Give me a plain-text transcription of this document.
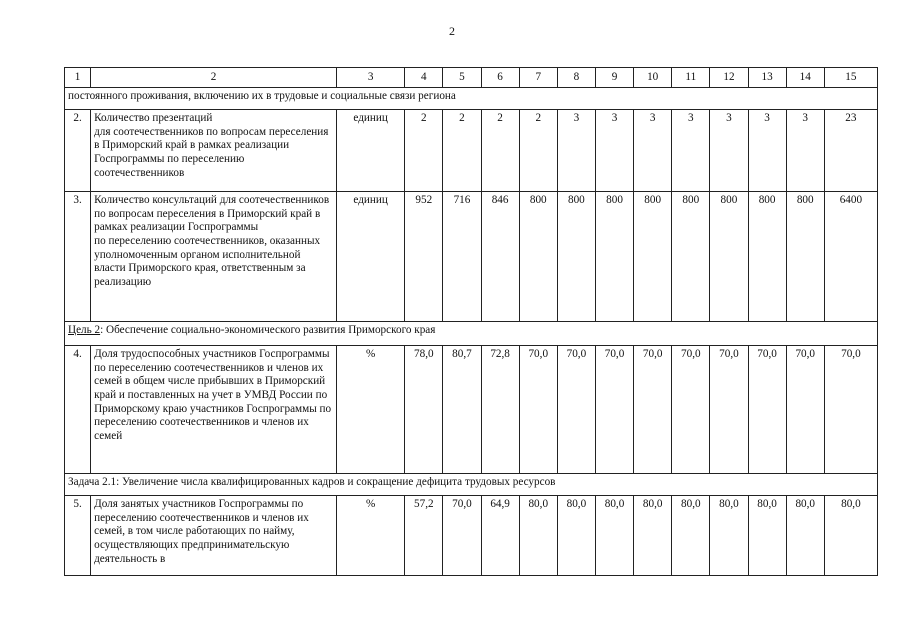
2
1	2	3	4	5	6	7	8	9	10	11	12	13	14	15
постоянного проживания, включению их в трудовые и социальные связи региона														
2.	Количество презентаций
для соотечественников по вопросам переселения в Приморский край в рамках реализации Госпрограммы по переселению соотечественников	единиц	2	2	2	2	3	3	3	3	3	3	3	23
3.	Количество консультаций для соотечественников по вопросам переселения в Приморский край в рамках реализации Госпрограммы
по переселению соотечественников, оказанных уполномоченным органом исполнительной власти Приморского края, ответственным за реализацию	единиц	952	716	846	800	800	800	800	800	800	800	800	6400
Цель 2: Обеспечение социально-экономического развития Приморского края														
4.	Доля трудоспособных участников Госпрограммы по переселению соотечественников и членов их семей в общем числе прибывших в Приморский край и поставленных на учет в УМВД России по Приморскому краю участников Госпрограммы по переселению соотечественников и членов их семей	%	78,0	80,7	72,8	70,0	70,0	70,0	70,0	70,0	70,0	70,0	70,0	70,0
Задача 2.1: Увеличение числа квалифицированных кадров и сокращение дефицита трудовых ресурсов														
5.	Доля занятых участников Госпрограммы по переселению соотечественников и членов их семей, в том числе работающих по найму, осуществляющих предпринимательскую деятельность в	%	57,2	70,0	64,9	80,0	80,0	80,0	80,0	80,0	80,0	80,0	80,0	80,0
